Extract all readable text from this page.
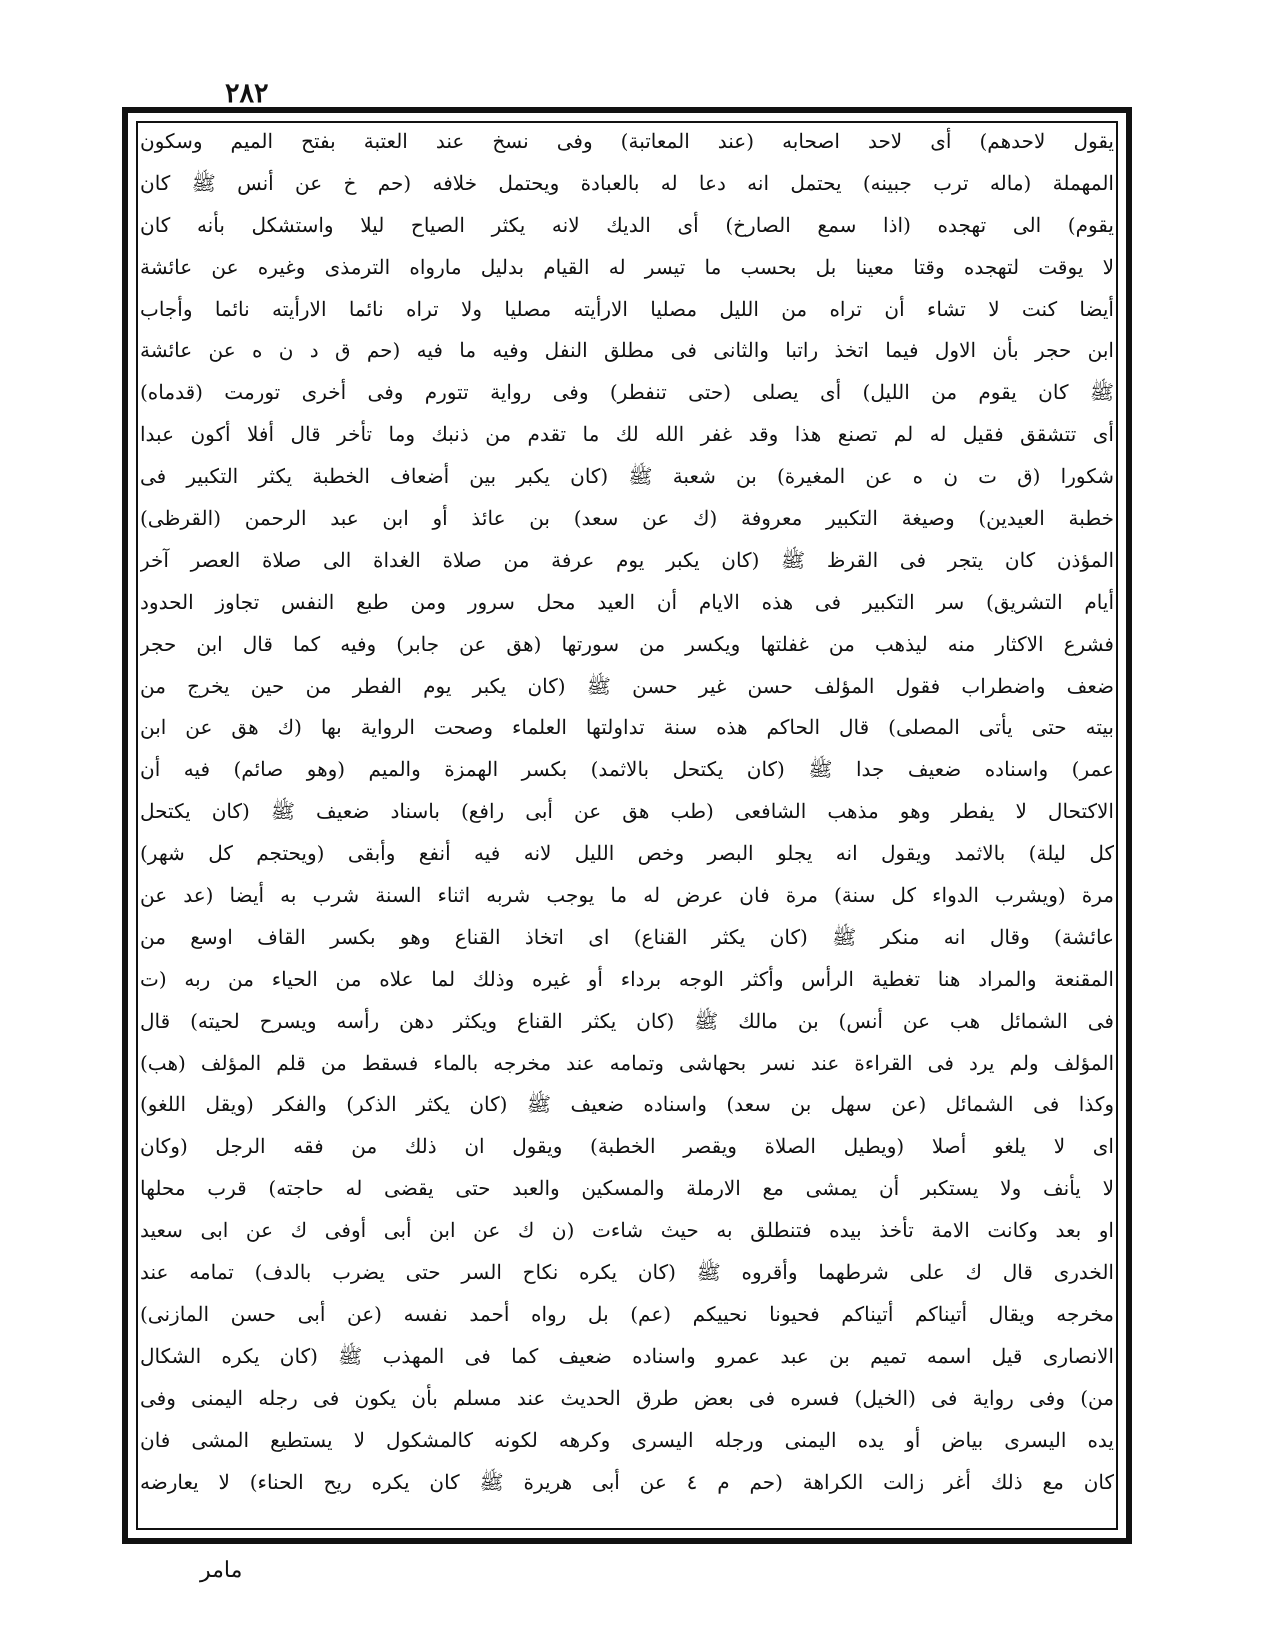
٢٨٢
يقول لاحدهم) أى لاحد اصحابه (عند المعاتبة) وفى نسخ عند العتبة بفتح الميم وسكون
المهملة (ماله ترب جبينه) يحتمل انه دعا له بالعبادة ويحتمل خلافه (حم خ عن أنس ﷺ كان
يقوم) الى تهجده (اذا سمع الصارخ) أى الديك لانه يكثر الصياح ليلا واستشكل بأنه كان
لا يوقت لتهجده وقتا معينا بل بحسب ما تيسر له القيام بدليل مارواه الترمذى وغيره عن عائشة
أيضا كنت لا تشاء أن تراه من الليل مصليا الارأيته مصليا ولا تراه نائما الارأيته نائما وأجاب
ابن حجر بأن الاول فيما اتخذ راتبا والثانى فى مطلق النفل وفيه ما فيه (حم ق د ن ه عن عائشة
ﷺ كان يقوم من الليل) أى يصلى (حتى تنفطر) وفى رواية تتورم وفى أخرى تورمت (قدماه)
أى تتشقق فقيل له لم تصنع هذا وقد غفر الله لك ما تقدم من ذنبك وما تأخر قال أفلا أكون عبدا
شكورا (ق ت ن ه عن المغيرة) بن شعبة ﷺ (كان يكبر بين أضعاف الخطبة يكثر التكبير فى
خطبة العيدين) وصيغة التكبير معروفة (ك عن سعد) بن عائذ أو ابن عبد الرحمن (القرظى)
المؤذن كان يتجر فى القرظ ﷺ (كان يكبر يوم عرفة من صلاة الغداة الى صلاة العصر آخر
أيام التشريق) سر التكبير فى هذه الايام أن العيد محل سرور ومن طبع النفس تجاوز الحدود
فشرع الاكثار منه ليذهب من غفلتها ويكسر من سورتها (هق عن جابر) وفيه كما قال ابن حجر
ضعف واضطراب فقول المؤلف حسن غير حسن ﷺ (كان يكبر يوم الفطر من حين يخرج من
بيته حتى يأتى المصلى) قال الحاكم هذه سنة تداولتها العلماء وصحت الرواية بها (ك هق عن ابن
عمر) واسناده ضعيف جدا ﷺ (كان يكتحل بالاثمد) بكسر الهمزة والميم (وهو صائم) فيه أن
الاكتحال لا يفطر وهو مذهب الشافعى (طب هق عن أبى رافع) باسناد ضعيف ﷺ (كان يكتحل
كل ليلة) بالاثمد ويقول انه يجلو البصر وخص الليل لانه فيه أنفع وأبقى (ويحتجم كل شهر)
مرة (ويشرب الدواء كل سنة) مرة فان عرض له ما يوجب شربه اثناء السنة شرب به أيضا (عد عن
عائشة) وقال انه منكر ﷺ (كان يكثر القناع) اى اتخاذ القناع وهو بكسر القاف اوسع من
المقنعة والمراد هنا تغطية الرأس وأكثر الوجه برداء أو غيره وذلك لما علاه من الحياء من ربه (ت
فى الشمائل هب عن أنس) بن مالك ﷺ (كان يكثر القناع ويكثر دهن رأسه ويسرح لحيته) قال
المؤلف ولم يرد فى القراءة عند نسر بحهاشى وتمامه عند مخرجه بالماء فسقط من قلم المؤلف (هب)
وكذا فى الشمائل (عن سهل بن سعد) واسناده ضعيف ﷺ (كان يكثر الذكر) والفكر (ويقل اللغو)
اى لا يلغو أصلا (ويطيل الصلاة ويقصر الخطبة) ويقول ان ذلك من فقه الرجل (وكان
لا يأنف ولا يستكبر أن يمشى مع الارملة والمسكين والعبد حتى يقضى له حاجته) قرب محلها
او بعد وكانت الامة تأخذ بيده فتنطلق به حيث شاءت (ن ك عن ابن أبى أوفى ك عن ابى سعيد
الخدرى قال ك على شرطهما وأقروه ﷺ (كان يكره نكاح السر حتى يضرب بالدف) تمامه عند
مخرجه ويقال أتيناكم أتيناكم فحيونا نحييكم (عم) بل رواه أحمد نفسه (عن أبى حسن المازنى)
الانصارى قيل اسمه تميم بن عبد عمرو واسناده ضعيف كما فى المهذب ﷺ (كان يكره الشكال
من) وفى رواية فى (الخيل) فسره فى بعض طرق الحديث عند مسلم بأن يكون فى رجله اليمنى وفى
يده اليسرى بياض أو يده اليمنى ورجله اليسرى وكرهه لكونه كالمشكول لا يستطيع المشى فان
كان مع ذلك أغر زالت الكراهة (حم م ٤ عن أبى هريرة ﷺ كان يكره ريح الحناء) لا يعارضه
مامر
